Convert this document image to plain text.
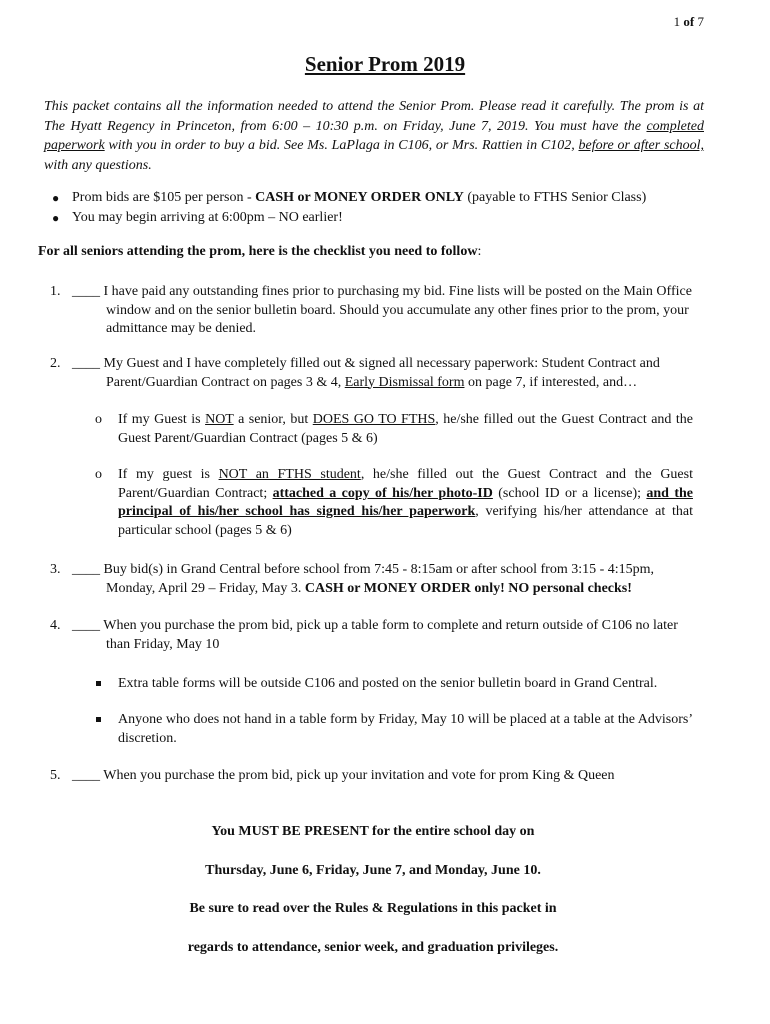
1 of 7
Senior Prom 2019
This packet contains all the information needed to attend the Senior Prom. Please read it carefully. The prom is at The Hyatt Regency in Princeton, from 6:00 – 10:30 p.m. on Friday, June 7, 2019. You must have the completed paperwork with you in order to buy a bid. See Ms. LaPlaga in C106, or Mrs. Rattien in C102, before or after school, with any questions.
● Prom bids are $105 per person - CASH or MONEY ORDER ONLY (payable to FTHS Senior Class)
● You may begin arriving at 6:00pm – NO earlier!
For all seniors attending the prom, here is the checklist you need to follow:
1. ____ I have paid any outstanding fines prior to purchasing my bid. Fine lists will be posted on the Main Office window and on the senior bulletin board. Should you accumulate any other fines prior to the prom, your admittance may be denied.
2. ____ My Guest and I have completely filled out & signed all necessary paperwork: Student Contract and Parent/Guardian Contract on pages 3 & 4, Early Dismissal form on page 7, if interested, and…
o	If my Guest is NOT a senior, but DOES GO TO FTHS, he/she filled out the Guest Contract and the Guest Parent/Guardian Contract (pages 5 & 6)
o	If my guest is NOT an FTHS student, he/she filled out the Guest Contract and the Guest Parent/Guardian Contract; attached a copy of his/her photo-ID (school ID or a license); and the principal of his/her school has signed his/her paperwork, verifying his/her attendance at that particular school (pages 5 & 6)
3. ____ Buy bid(s) in Grand Central before school from 7:45 - 8:15am or after school from 3:15 - 4:15pm, Monday, April 29 – Friday, May 3. CASH or MONEY ORDER only! NO personal checks!
4. ____ When you purchase the prom bid, pick up a table form to complete and return outside of C106 no later than Friday, May 10
Extra table forms will be outside C106 and posted on the senior bulletin board in Grand Central.
Anyone who does not hand in a table form by Friday, May 10 will be placed at a table at the Advisors’ discretion.
5. ____ When you purchase the prom bid, pick up your invitation and vote for prom King & Queen
You MUST BE PRESENT for the entire school day on
Thursday, June 6, Friday, June 7, and Monday, June 10.
Be sure to read over the Rules & Regulations in this packet in
regards to attendance, senior week, and graduation privileges.
